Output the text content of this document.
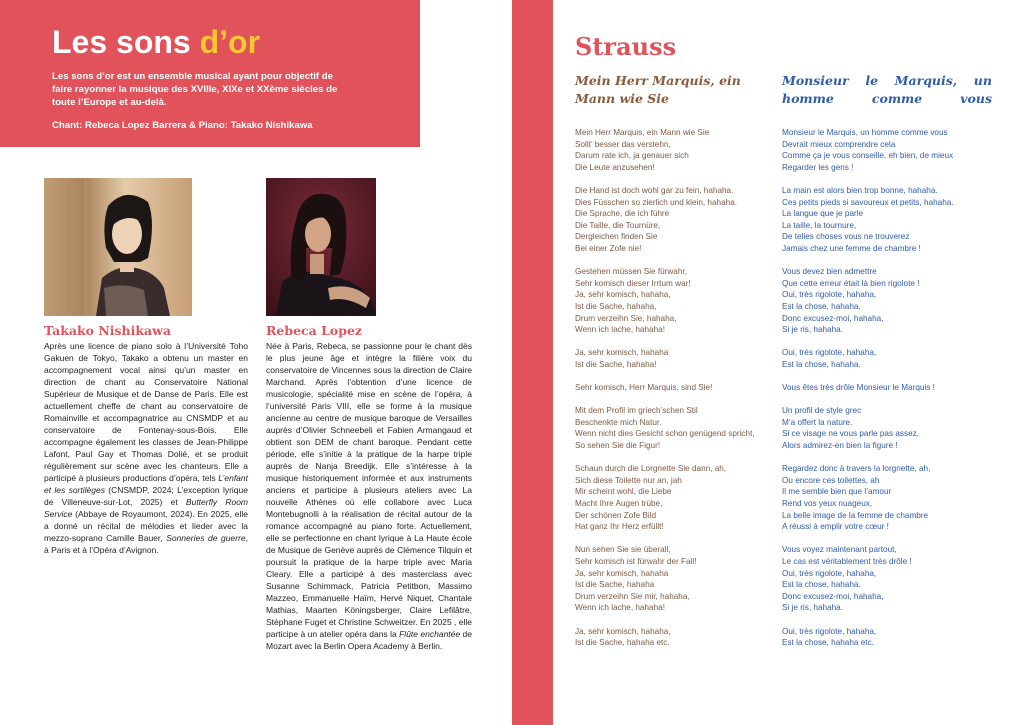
Les sons d’or

Les sons d’or est un ensemble musical ayant pour objectif de faire rayonner la musique des XVIIIe, XIXe et XXème siècles de toute l’Europe et au-delà.

Chant: Rebeca Lopez Barrera & Piano: Takako Nishikawa

Takako Nishikawa

Après une licence de piano solo à l’Université Toho Gakuen de Tokyo, Takako a obtenu un master en accompagnement vocal ainsi qu’un master en direction de chant au Conservatoire National Supérieur de Musique et de Danse de Paris. Elle est actuellement cheffe de chant au conservatoire de Romainville et accompagnatrice au CNSMDP et au conservatoire de Fontenay-sous-Bois. Elle accompagne également les classes de Jean-Philippe Lafont, Paul Gay et Thomas Dolié, et se produit régulièrement sur scène avec les chanteurs. Elle a participé à plusieurs productions d’opéra, tels L’enfant et les sortilèges (CNSMDP, 2024; L’exception lyrique de Villeneuve-sur-Lot, 2025) et Butterfly Room Service (Abbaye de Royaumont, 2024). En 2025, elle a donné un récital de mélodies et lieder avec la mezzo-soprano Camille Bauer, Sonneries de guerre, à Paris et à l’Opéra d’Avignon.

Rebeca Lopez

Née à Paris, Rebeca, se passionne pour le chant dès le plus jeune âge et intègre la filière voix du conservatoire de Vincennes sous la direction de Claire Marchand. Après l’obtention d’une licence de musicologie, spécialité mise en scène de l’opéra, à l’université Paris VIII, elle se forme à la musique ancienne au centre de musique baroque de Versailles auprès d’Olivier Schneebeli et Fabien Armangaud et obtient son DEM de chant baroque. Pendant cette période, elle s’initie à la pratique de la harpe triple auprès de Nanja Breedijk. Elle s’intéresse à la musique historiquement informée et aux instruments anciens et participe à plusieurs ateliers avec La nouvelle Athènes où elle collabore avec Luca Montebugnolli à la réalisation de récital autour de la romance accompagné au piano forte. Actuellement, elle se perfectionne en chant lyrique à La Haute école de Musique de Genève auprès de Clémence Tilquin et poursuit la pratique de la harpe triple avec Maria Cleary. Elle a participé à des masterclass avec Susanne Schimmack, Patricia Petitbon, Massimo Mazzeo, Emmanuelle Haïm, Hervé Niquet, Chantale Mathias, Maarten Köningsberger, Claire Lefilâtre, Stéphane Fuget et Christine Schweitzer. En 2025 , elle participe à un atelier opéra dans la Flûte enchantée de Mozart avec la Berlin Opera Academy à Berlin.

Strauss
Mein Herr Marquis, ein Mann wie Sie
Monsieur le Marquis, un homme comme vous
Mein Herr Marquis, ein Mann wie Sie
Sollt’ besser das verstehn,
Darum rate ich, ja genauer sich
Die Leute anzusehen!
Die Hand ist doch wohl gar zu fein, hahaha.
Dies Füsschen so zierlich und klein, hahaha.
Die Sprache, die ich führe
Die Taille, die Tournüre,
Dergleichen finden Sie
Bei einer Zofe nie!
Gestehen müssen Sie fürwahr,
Sehr komisch dieser Irrtum war!
Ja, sehr komisch, hahaha,
Ist die Sache, hahaha,
Drum verzeihn Sie, hahaha,
Wenn ich lache, hahaha!
Ja, sehr komisch, hahaha
Ist die Sache, hahaha!
Sehr komisch, Herr Marquis, sind Sie!
Mit dem Profil im griech’schen Stil
Beschenkte mich Natur.
Wenn nicht dies Gesicht schon genügend spricht,
So sehen Sie die Figur!
Schaun durch die Lorgnette Sie dann, ah,
Sich diese Toilette nur an, jah
Mir scheint wohl, die Liebe
Macht Ihre Augen trübe,
Der schönen Zofe Bild
Hat ganz Ihr Herz erfüllt!
Nun sehen Sie sie überall,
Sehr komisch ist fürwahr der Fall!
Ja, sehr komisch, hahaha
Ist die Sache, hahaha
Drum verzeihn Sie mir, hahaha,
Wenn ich lache, hahaha!
Ja, sehr komisch, hahaha,
Ist die Sache, hahaha etc.
Monsieur le Marquis, un homme comme vous
Devrait mieux comprendre cela
Comme ça je vous conseille, eh bien, de mieux
Regarder les gens !
La main est alors bien trop bonne, hahaha.
Ces petits pieds si savoureux et petits, hahaha.
La langue que je parle
La taille, la tournure,
De telles choses vous ne trouverez
Jamais chez une femme de chambre !
Vous devez bien admettre
Que cette erreur était là bien rigolote !
Oui, très rigolote, hahaha,
Est la chose, hahaha.
Donc excusez-moi, hahaha,
Si je ris, hahaha.
Oui, très rigolote, hahaha,
Est la chose, hahaha.
Vous êtes très drôle Monsieur le Marquis !
Un profil de style grec
M’a offert la nature.
Si ce visage ne vous parle pas assez,
Alors admirez-en bien la figure !
Regardez donc à travers la lorgnette, ah,
Ou encore ces toilettes, ah
Il me semble bien que l’amour
Rend vos yeux nuageux,
La belle image de la femme de chambre
A réussi à emplir votre cœur !
Vous voyez maintenant partout,
Le cas est véritablement très drôle !
Oui, très rigolote, hahaha,
Est la chose, hahaha.
Donc excusez-moi, hahaha,
Si je ris, hahaha.
Oui, très rigolote, hahaha,
Est la chose, hahaha etc.
